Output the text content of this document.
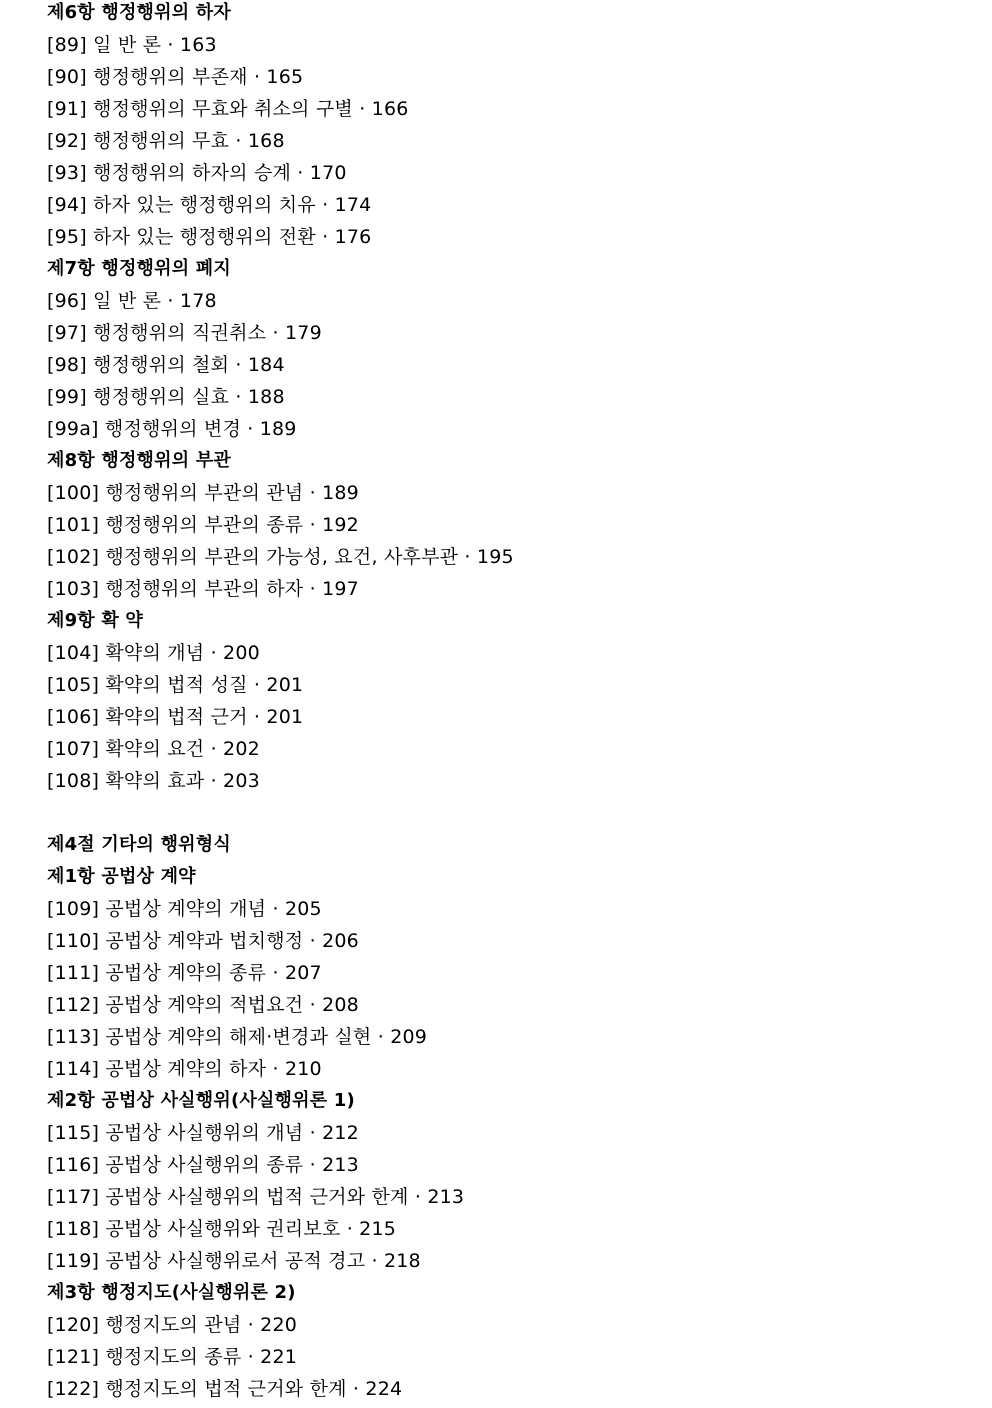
제6항 행정행위의 하자
[89] 일 반 론 · 163
[90] 행정행위의 부존재 · 165
[91] 행정행위의 무효와 취소의 구별 · 166
[92] 행정행위의 무효 · 168
[93] 행정행위의 하자의 승계 · 170
[94] 하자 있는 행정행위의 치유 · 174
[95] 하자 있는 행정행위의 전환 · 176
제7항 행정행위의 폐지
[96] 일 반 론 · 178
[97] 행정행위의 직권취소 · 179
[98] 행정행위의 철회 · 184
[99] 행정행위의 실효 · 188
[99a] 행정행위의 변경 · 189
제8항 행정행위의 부관
[100] 행정행위의 부관의 관념 · 189
[101] 행정행위의 부관의 종류 · 192
[102] 행정행위의 부관의 가능성, 요건, 사후부관 · 195
[103] 행정행위의 부관의 하자 · 197
제9항 확 약
[104] 확약의 개념 · 200
[105] 확약의 법적 성질 · 201
[106] 확약의 법적 근거 · 201
[107] 확약의 요건 · 202
[108] 확약의 효과 · 203
제4절 기타의 행위형식
제1항 공법상 계약
[109] 공법상 계약의 개념 · 205
[110] 공법상 계약과 법치행정 · 206
[111] 공법상 계약의 종류 · 207
[112] 공법상 계약의 적법요건 · 208
[113] 공법상 계약의 해제·변경과 실현 · 209
[114] 공법상 계약의 하자 · 210
제2항 공법상 사실행위(사실행위론 1)
[115] 공법상 사실행위의 개념 · 212
[116] 공법상 사실행위의 종류 · 213
[117] 공법상 사실행위의 법적 근거와 한계 · 213
[118] 공법상 사실행위와 권리보호 · 215
[119] 공법상 사실행위로서 공적 경고 · 218
제3항 행정지도(사실행위론 2)
[120] 행정지도의 관념 · 220
[121] 행정지도의 종류 · 221
[122] 행정지도의 법적 근거와 한계 · 224
